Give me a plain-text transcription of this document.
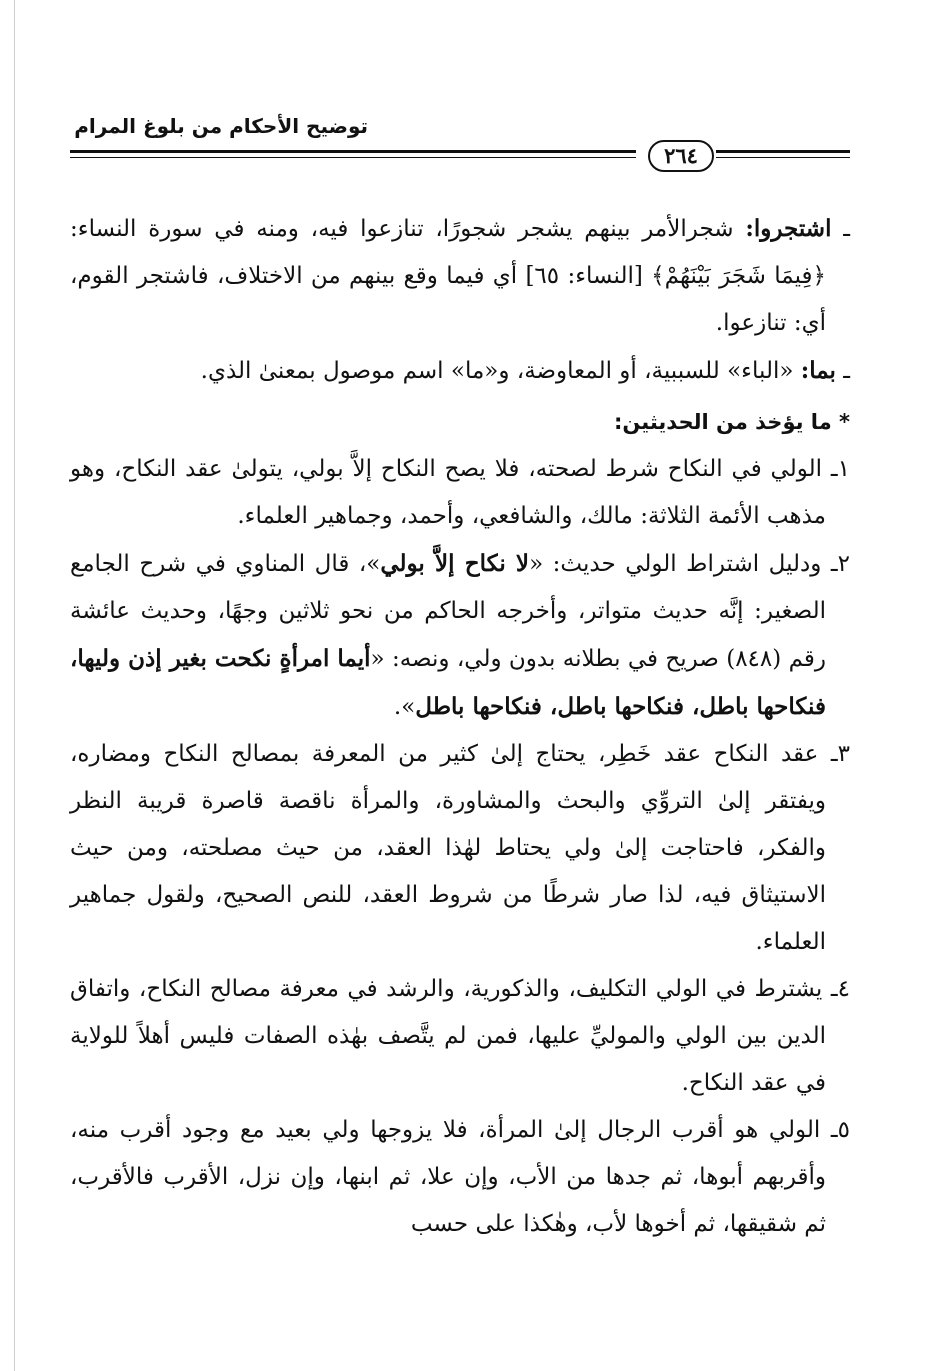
توضيح الأحكام من بلوغ المرام
٢٦٤

ـ اشتجروا: شجرالأمر بينهم يشجر شجورًا، تنازعوا فيه، ومنه في سورة النساء: ﴿فِيمَا شَجَرَ بَيْنَهُمْ﴾ [النساء: ٦٥] أي فيما وقع بينهم من الاختلاف، فاشتجر القوم، أي: تنازعوا.

ـ بما: «الباء» للسببية، أو المعاوضة، و«ما» اسم موصول بمعنىٰ الذي.

* ما يؤخذ من الحديثين:

١ـ الولي في النكاح شرط لصحته، فلا يصح النكاح إلاَّ بولي، يتولىٰ عقد النكاح، وهو مذهب الأئمة الثلاثة: مالك، والشافعي، وأحمد، وجماهير العلماء.

٢ـ ودليل اشتراط الولي حديث: «لا نكاح إلاَّ بولي»، قال المناوي في شرح الجامع الصغير: إنَّه حديث متواتر، وأخرجه الحاكم من نحو ثلاثين وجهًا، وحديث عائشة رقم (٨٤٨) صريح في بطلانه بدون ولي، ونصه: «أيما امرأةٍ نكحت بغير إذن وليها، فنكاحها باطل، فنكاحها باطل، فنكاحها باطل».

٣ـ عقد النكاح عقد خَطِر، يحتاج إلىٰ كثير من المعرفة بمصالح النكاح ومضاره، ويفتقر إلىٰ التروِّي والبحث والمشاورة، والمرأة ناقصة قاصرة قريبة النظر والفكر، فاحتاجت إلىٰ ولي يحتاط لهٰذا العقد، من حيث مصلحته، ومن حيث الاستيثاق فيه، لذا صار شرطًا من شروط العقد، للنص الصحيح، ولقول جماهير العلماء.

٤ـ يشترط في الولي التكليف، والذكورية، والرشد في معرفة مصالح النكاح، واتفاق الدين بين الولي والموليِّ عليها، فمن لم يتَّصف بهٰذه الصفات فليس أهلاً للولاية في عقد النكاح.

٥ـ الولي هو أقرب الرجال إلىٰ المرأة، فلا يزوجها ولي بعيد مع وجود أقرب منه، وأقربهم أبوها، ثم جدها من الأب، وإن علا، ثم ابنها، وإن نزل، الأقرب فالأقرب، ثم شقيقها، ثم أخوها لأب، وهٰكذا على حسب
